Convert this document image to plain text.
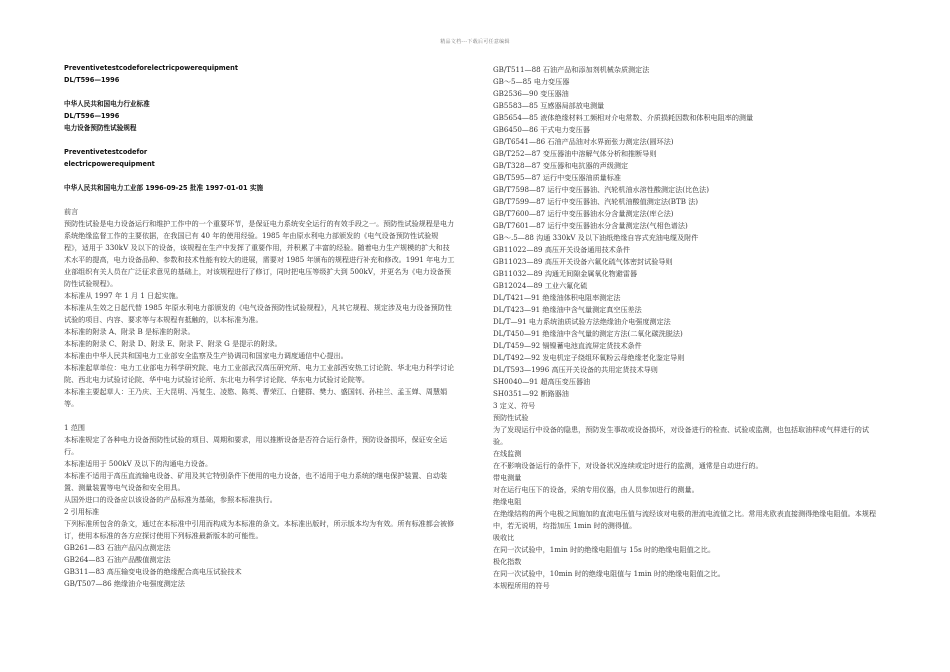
精品文档---下载后可任意编辑
Preventivetestcodeforelectricpowerequipment
DL/T596—1996
中华人民共和国电力行业标准
DL/T596—1996
电力设备预防性试验规程
Preventivetestcodefor
electricpowerequipment
中华人民共和国电力工业部 1996-09-25 批准 1997-01-01 实施
前言
预防性试验是电力设备运行和维护工作中的一个重要环节，是保证电力系统安全运行的有效手段之一。预防性试验规程是电力系统绝缘监督工作的主要依据，在我国已有 40 年的使用经验。1985 年由原水利电力部颁发的《电气设备预防性试验规程》，适用于 330kV 及以下的设备，该规程在生产中发挥了重要作用，并积累了丰富的经验。随着电力生产规模的扩大和技术水平的提高，电力设备品种、参数和技术性能有较大的进展，需要对 1985 年颁布的规程进行补充和修改。1991 年电力工业部组织有关人员在广泛征求意见的基础上，对该规程进行了修订，同时把电压等级扩大到 500kV，并更名为《电力设备预防性试验规程》。
本标准从 1997 年 1 月 1 日起实施。
本标准从生效之日起代替 1985 年原水利电力部颁发的《电气设备预防性试验规程》，凡其它规程、规定涉及电力设备预防性试验的项目、内容、要求等与本规程有抵触的，以本标准为准。
本标准的附录 A、附录 B 是标准的附录。
本标准的附录 C、附录 D、附录 E、附录 F、附录 G 是提示的附录。
本标准由中华人民共和国电力工业部安全监察及生产协调司和国家电力调度通信中心提出。
本标准起草单位：电力工业部电力科学研究院、电力工业部武汉高压研究所、电力工业部西安热工讨论院、华北电力科学讨论院、西北电力试验讨论院、华中电力试验讨论所、东北电力科学讨论院、华东电力试验讨论院等。
本标准主要起草人：王乃庆、王大昆明、冯复生、凌愍、陈英、曹荣江、白健群、樊力、盛国钊、孙桂兰、孟玉婵、周慧娟等。
1 范围
本标准规定了各种电力设备预防性试验的项目、周期和要求，用以推断设备是否符合运行条件，预防设备损坏，保证安全运行。
本标准适用于 500kV 及以下的沟通电力设备。
本标准不适用于高压直流输电设备、矿用及其它特别条件下使用的电力设备，也不适用于电力系统的继电保护装置、自动装置、测量装置等电气设备和安全用具。
从国外进口的设备应以该设备的产品标准为基础，参照本标准执行。
2 引用标准
下列标准所包含的条文，通过在本标准中引用而构成为本标准的条文。本标准出版时，所示版本均为有效。所有标准都会被修订，使用本标准的各方应探讨使用下列标准最新版本的可能性。
GB261—83 石油产品闪点测定法
GB264—83 石油产品酸值测定法
GB311—83 高压输变电设备的绝缘配合高电压试验技术
GB/T507—86 绝缘油介电强度测定法
GB/T511—88 石油产品和添加剂机械杂质测定法
GB～5—85 电力变压器
GB2536—90 变压器油
GB5583—85 互感器局部放电测量
GB5654—85 液体绝缘材料工频相对介电常数、介质损耗因数和体积电阻率的测量
GB6450—86 干式电力变压器
GB/T6541—86 石油产品油对水界面张力测定法(圆环法)
GB/T252—87 变压器油中溶解气体分析和推断导则
GB/T328—87 变压器和电抗器的声级测定
GB/T595—87 运行中变压器油质量标准
GB/T7598—87 运行中变压器油、汽轮机油水溶性酸测定法(比色法)
GB/T7599—87 运行中变压器油、汽轮机油酸值测定法(BTB 法)
GB/T7600—87 运行中变压器油水分含量测定法(库仑法)
GB/T7601—87 运行中变压器油水分含量测定法(气相色谱法)
GB～.5—88 沟通 330kV 及以下油纸绝缘自容式充油电缆及附件
GB11022—89 高压开关设备通用技术条件
GB11023—89 高压开关设备六氟化硫气体密封试验导则
GB11032—89 沟通无间隙金属氧化物避雷器
GB12024—89 工业六氟化硫
DL/T421—91 绝缘油体积电阻率测定法
DL/T423—91 绝缘油中含气量测定真空压差法
DL/T—91 电力系统油质试验方法绝缘油介电强度测定法
DL/T450—91 绝缘油中含气量的测定方法(二氧化碳洗脱法)
DL/T459—92 镉镍蓄电池直流屏定货技术条件
DL/T492—92 发电机定子绕组环氧粉云母绝缘老化鉴定导则
DL/T593—1996 高压开关设备的共用定货技术导则
SH0040—91 超高压变压器油
SH0351—92 断路器油
3 定义、符号
预防性试验
为了发现运行中设备的隐患，预防发生事故或设备损坏，对设备进行的检查、试验或监测，也包括取油样或气样进行的试验。
在线监测
在不影响设备运行的条件下，对设备状况连续或定时进行的监测，通常是自动进行的。
带电测量
对在运行电压下的设备，采纳专用仪器，由人员参加进行的测量。
绝缘电阻
在绝缘结构的两个电极之间施加的直流电压值与流经该对电极的泄流电流值之比。常用兆欧表直接测得绝缘电阻值。本规程中，若无说明，均指加压 1min 时的测得值。
吸收比
在同一次试验中，1min 时的绝缘电阻值与 15s 时的绝缘电阻值之比。
极化指数
在同一次试验中，10min 时的绝缘电阻值与 1min 时的绝缘电阻值之比。
本规程所用的符号
